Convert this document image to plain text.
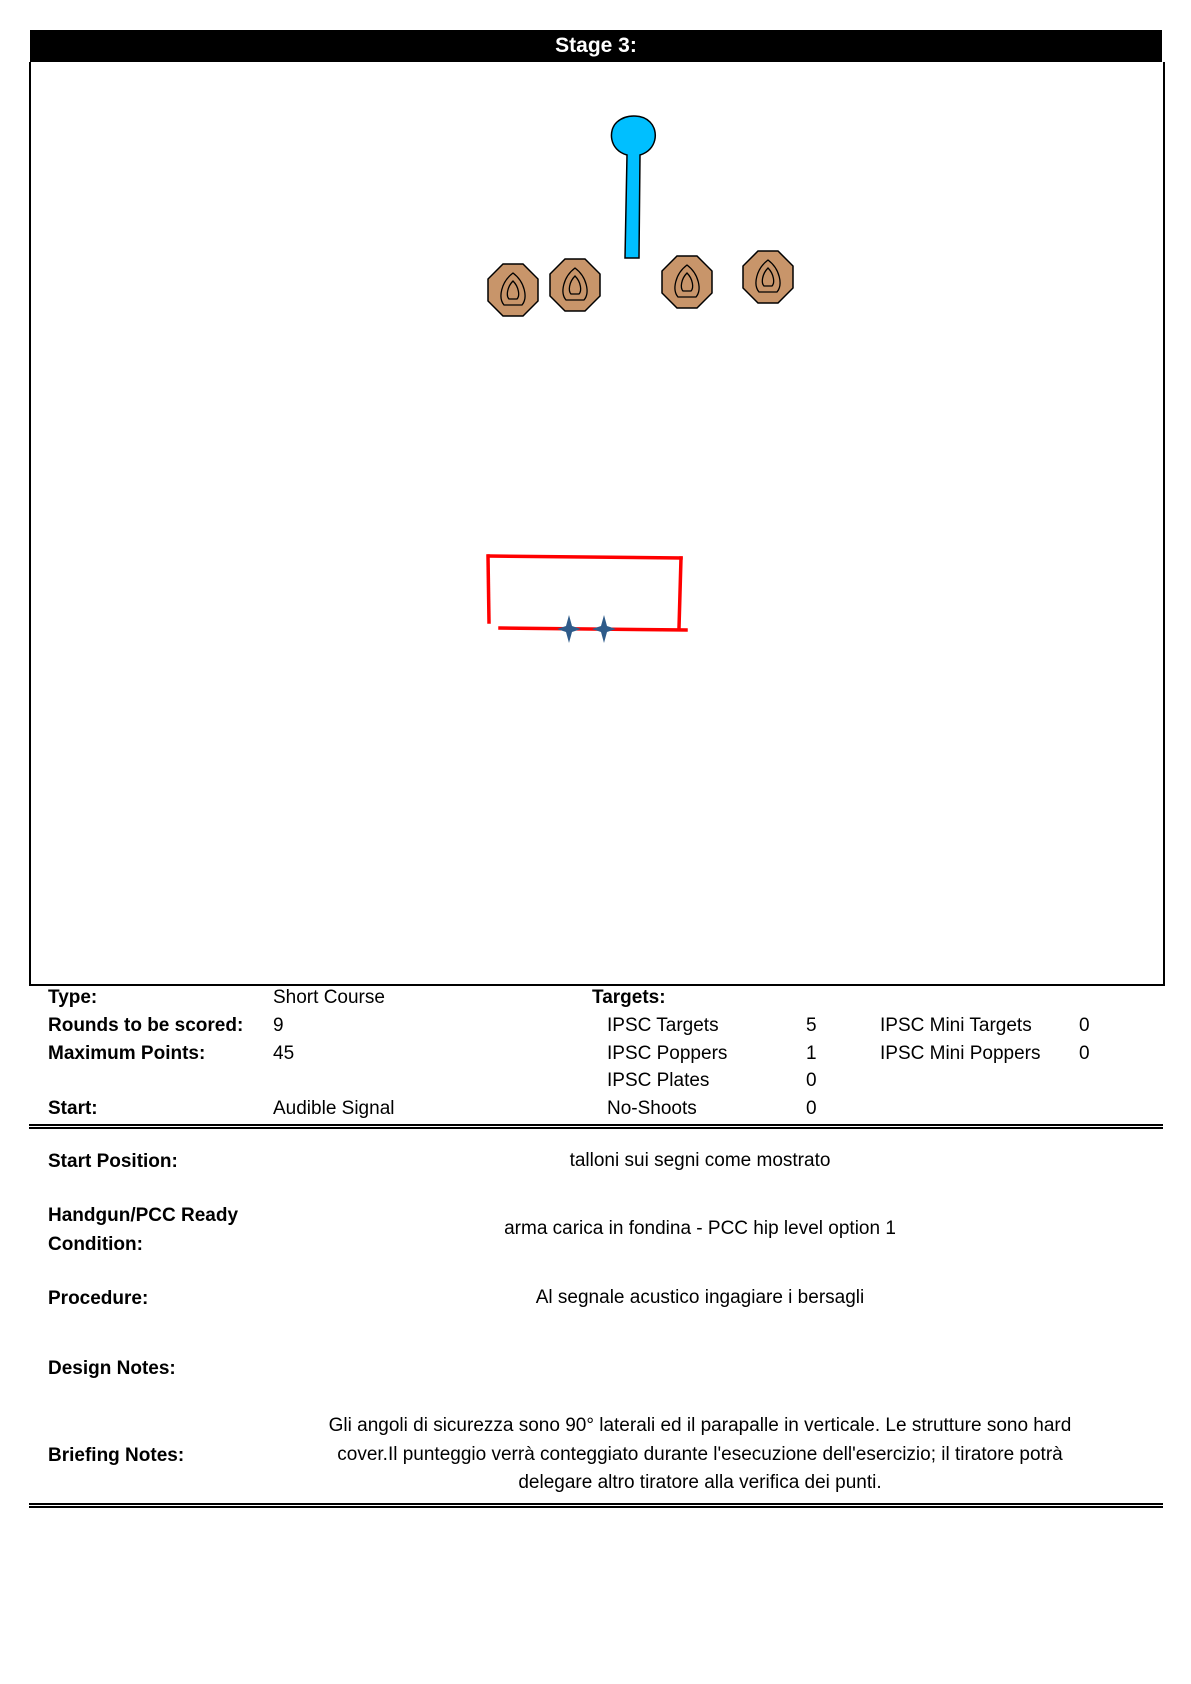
Stage 3:
Type:	Short Course
Rounds to be scored: 9
Maximum Points:	45
Start:	Audible Signal
Targets:
IPSC Targets	5
IPSC Poppers	1
IPSC Plates	0
No-Shoots	0
IPSC Mini Targets 0
IPSC Mini Poppers 0
Start Position:	talloni sui segni come mostrato
Handgun/PCC Ready
Condition:
arma carica in fondina - PCC hip level option 1
Procedure:	Al segnale acustico ingagiare i bersagli
Design Notes:
Briefing Notes:
Gli angoli di sicurezza sono 90° laterali ed il parapalle in verticale. Le strutture sono hard
cover.Il punteggio verrà conteggiato durante l'esecuzione dell'esercizio; il tiratore potrà
delegare altro tiratore alla verifica dei punti.
